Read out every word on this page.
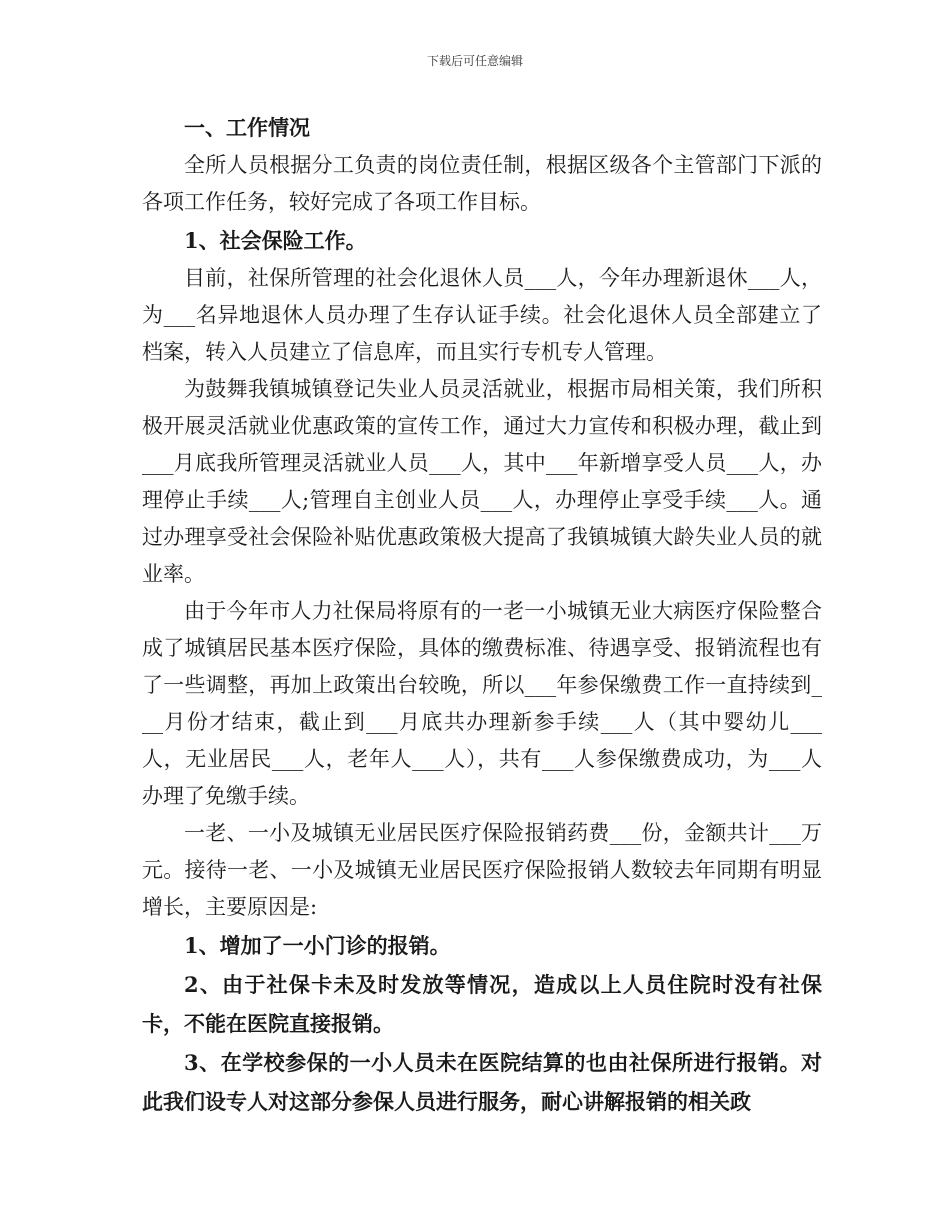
下载后可任意编辑

一、工作情况

全所人员根据分工负责的岗位责任制，根据区级各个主管部门下派的各项工作任务，较好完成了各项工作目标。

1、社会保险工作。

目前，社保所管理的社会化退休人员___人，今年办理新退休___人，为___名异地退休人员办理了生存认证手续。社会化退休人员全部建立了档案，转入人员建立了信息库，而且实行专机专人管理。

为鼓舞我镇城镇登记失业人员灵活就业，根据市局相关策，我们所积极开展灵活就业优惠政策的宣传工作，通过大力宣传和积极办理，截止到___月底我所管理灵活就业人员___人，其中___年新增享受人员___人，办理停止手续___人;管理自主创业人员___人，办理停止享受手续___人。通过办理享受社会保险补贴优惠政策极大提高了我镇城镇大龄失业人员的就业率。

由于今年市人力社保局将原有的一老一小城镇无业大病医疗保险整合成了城镇居民基本医疗保险，具体的缴费标准、待遇享受、报销流程也有了一些调整，再加上政策出台较晚，所以___年参保缴费工作一直持续到___月份才结束，截止到___月底共办理新参手续___人（其中婴幼儿___人，无业居民___人，老年人___人），共有___人参保缴费成功，为___人办理了免缴手续。

一老、一小及城镇无业居民医疗保险报销药费___份，金额共计___万元。接待一老、一小及城镇无业居民医疗保险报销人数较去年同期有明显增长，主要原因是:

1、增加了一小门诊的报销。

2、由于社保卡未及时发放等情况，造成以上人员住院时没有社保卡，不能在医院直接报销。

3、在学校参保的一小人员未在医院结算的也由社保所进行报销。对此我们设专人对这部分参保人员进行服务，耐心讲解报销的相关政
